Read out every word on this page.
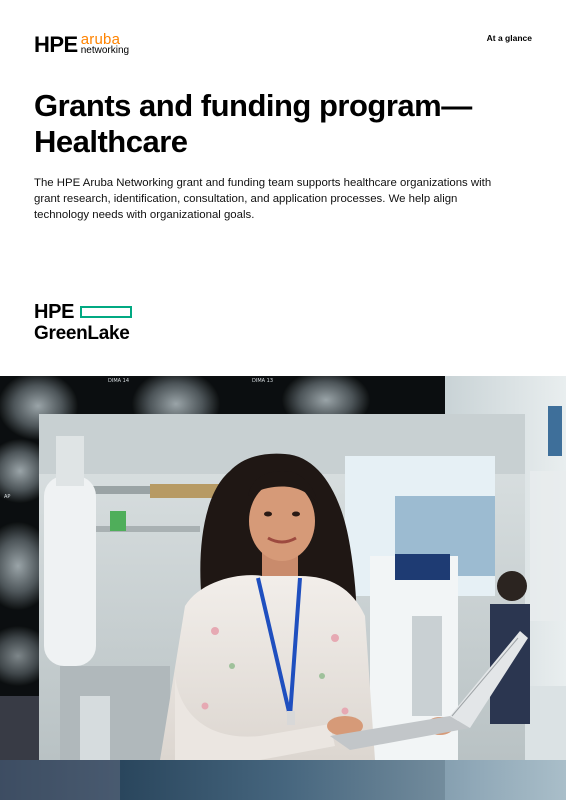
HPE aruba
networking
At a glance
Grants and funding program—Healthcare

The HPE Aruba Networking grant and funding team supports healthcare organizations with grant research, identification, consultation, and application processes. We help align technology needs with organizational goals.

HPE
GreenLake
DIMA 14	DIMA 13
AP
